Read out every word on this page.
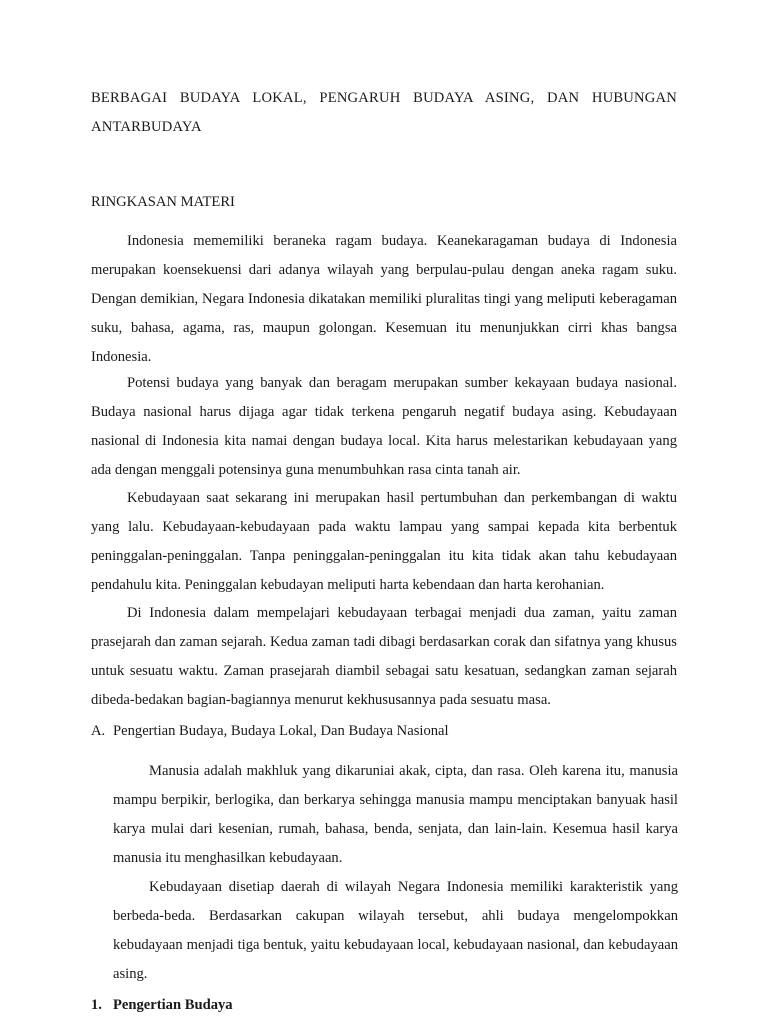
BERBAGAI BUDAYA LOKAL, PENGARUH BUDAYA ASING, DAN HUBUNGAN
ANTARBUDAYA
RINGKASAN MATERI

Indonesia mememiliki beraneka ragam budaya. Keanekaragaman budaya di Indonesia merupakan koensekuensi dari adanya wilayah yang berpulau-pulau dengan aneka ragam suku. Dengan demikian, Negara Indonesia dikatakan memiliki pluralitas tingi yang meliputi keberagaman suku, bahasa, agama, ras, maupun golongan. Kesemuan itu menunjukkan cirri khas bangsa Indonesia.

Potensi budaya yang banyak dan beragam merupakan sumber kekayaan budaya nasional. Budaya nasional harus dijaga agar tidak terkena pengaruh negatif budaya asing. Kebudayaan nasional di Indonesia kita namai dengan budaya local. Kita harus melestarikan kebudayaan yang ada dengan menggali potensinya guna menumbuhkan rasa cinta tanah air.

Kebudayaan saat sekarang ini merupakan hasil pertumbuhan dan perkembangan di waktu yang lalu. Kebudayaan-kebudayaan pada waktu lampau yang sampai kepada kita berbentuk peninggalan-peninggalan. Tanpa peninggalan-peninggalan itu kita tidak akan tahu kebudayaan pendahulu kita. Peninggalan kebudayan meliputi harta kebendaan dan harta kerohanian.

Di Indonesia dalam mempelajari kebudayaan terbagai menjadi dua zaman, yaitu zaman prasejarah dan zaman sejarah. Kedua zaman tadi dibagi berdasarkan corak dan sifatnya yang khusus untuk sesuatu waktu. Zaman prasejarah diambil sebagai satu kesatuan, sedangkan zaman sejarah dibeda-bedakan bagian-bagiannya menurut kekhususannya pada sesuatu masa.

A. Pengertian Budaya, Budaya Lokal, Dan Budaya Nasional

Manusia adalah makhluk yang dikaruniai akak, cipta, dan rasa. Oleh karena itu, manusia mampu berpikir, berlogika, dan berkarya sehingga manusia mampu menciptakan banyuak hasil karya mulai dari kesenian, rumah, bahasa, benda, senjata, dan lain-lain. Kesemua hasil karya manusia itu menghasilkan kebudayaan.

Kebudayaan disetiap daerah di wilayah Negara Indonesia memiliki karakteristik yang berbeda-beda. Berdasarkan cakupan wilayah tersebut, ahli budaya mengelompokkan kebudayaan menjadi tiga bentuk, yaitu kebudayaan local, kebudayaan nasional, dan kebudayaan asing.

1. Pengertian Budaya
